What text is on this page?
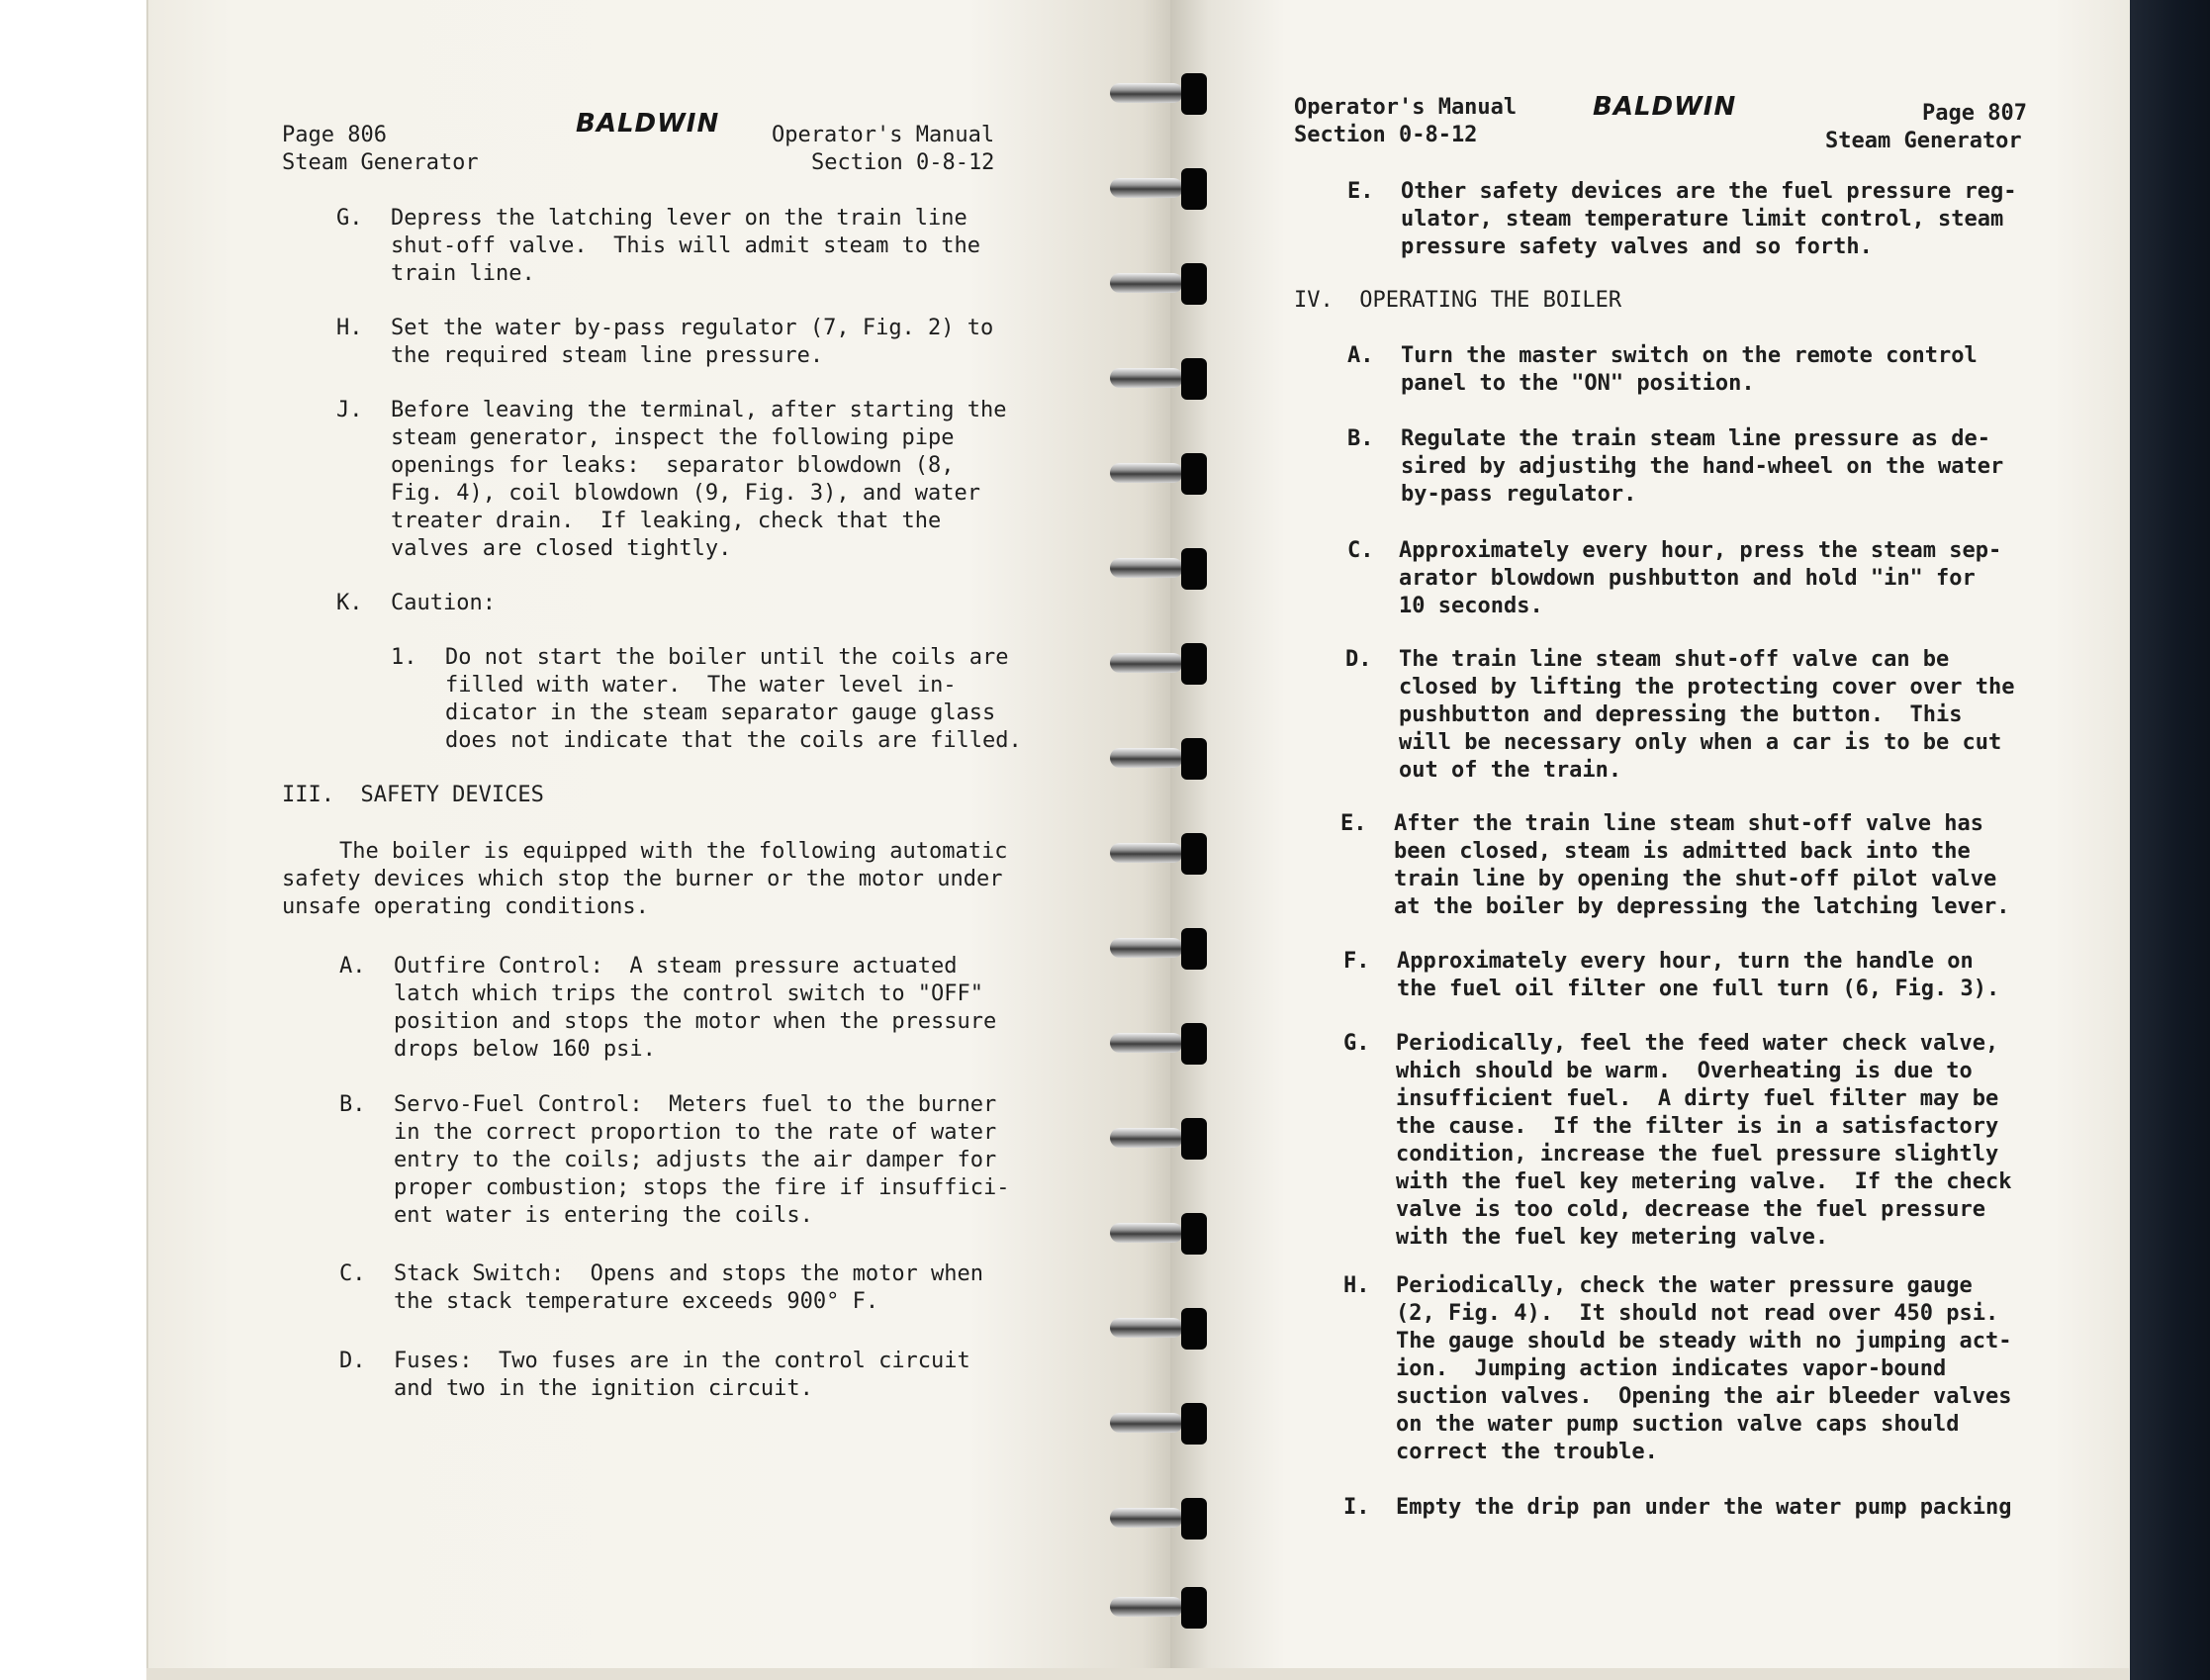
Page 806
Steam Generator
BALDWIN Operator's Manual
Section 0-8-12
G. Depress the latching lever on the train line
shut-off valve.  This will admit steam to the
train line.
H. Set the water by-pass regulator (7, Fig. 2) to
the required steam line pressure.
J. Before leaving the terminal, after starting the
steam generator, inspect the following pipe
openings for leaks:  separator blowdown (8,
Fig. 4), coil blowdown (9, Fig. 3), and water
treater drain.  If leaking, check that the
valves are closed tightly.
K. Caution:
1. Do not start the boiler until the coils are
filled with water.  The water level in-
dicator in the steam separator gauge glass
does not indicate that the coils are filled.
III.  SAFETY DEVICES
The boiler is equipped with the following automatic
safety devices which stop the burner or the motor under
unsafe operating conditions.
A. Outfire Control:  A steam pressure actuated
latch which trips the control switch to "OFF"
position and stops the motor when the pressure
drops below 160 psi.
B. Servo-Fuel Control:  Meters fuel to the burner
in the correct proportion to the rate of water
entry to the coils; adjusts the air damper for
proper combustion; stops the fire if insuffici-
ent water is entering the coils.
C. Stack Switch:  Opens and stops the motor when
the stack temperature exceeds 900° F.
D. Fuses:  Two fuses are in the control circuit
and two in the ignition circuit.
Operator's Manual
Section 0-8-12
BALDWIN	Page 807
Steam Generator
E. Other safety devices are the fuel pressure reg-
ulator, steam temperature limit control, steam
pressure safety valves and so forth.
IV.  OPERATING THE BOILER
A. Turn the master switch on the remote control
panel to the "ON" position.
B. Regulate the train steam line pressure as de-
sired by adjustihg the hand-wheel on the water
by-pass regulator.
C. Approximately every hour, press the steam sep-
arator blowdown pushbutton and hold "in" for
10 seconds.
D. The train line steam shut-off valve can be
closed by lifting the protecting cover over the
pushbutton and depressing the button.  This
will be necessary only when a car is to be cut
out of the train.
E. After the train line steam shut-off valve has
been closed, steam is admitted back into the
train line by opening the shut-off pilot valve
at the boiler by depressing the latching lever.
F. Approximately every hour, turn the handle on
the fuel oil filter one full turn (6, Fig. 3).
G. Periodically, feel the feed water check valve,
which should be warm.  Overheating is due to
insufficient fuel.  A dirty fuel filter may be
the cause.  If the filter is in a satisfactory
condition, increase the fuel pressure slightly
with the fuel key metering valve.  If the check
valve is too cold, decrease the fuel pressure
with the fuel key metering valve.
H. Periodically, check the water pressure gauge
(2, Fig. 4).  It should not read over 450 psi.
The gauge should be steady with no jumping act-
ion.  Jumping action indicates vapor-bound
suction valves.  Opening the air bleeder valves
on the water pump suction valve caps should
correct the trouble.
I. Empty the drip pan under the water pump packing
